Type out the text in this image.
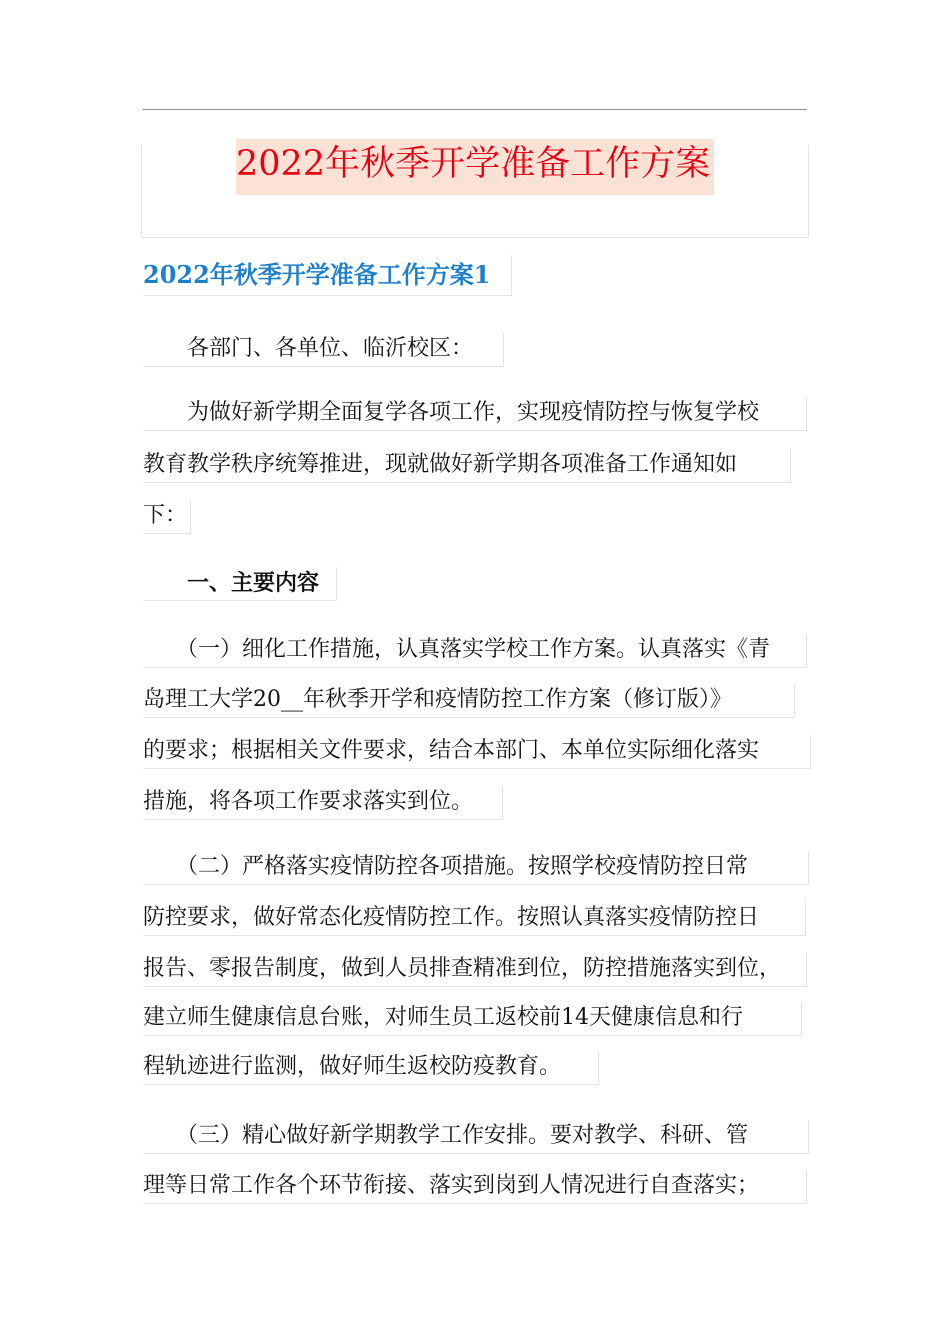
2022年秋季开学准备工作方案
2022年秋季开学准备工作方案1
　　各部门、各单位、临沂校区：
　　为做好新学期全面复学各项工作，实现疫情防控与恢复学校
教育教学秩序统筹推进，现就做好新学期各项准备工作通知如
下：
　　一、主要内容
　　（一）细化工作措施，认真落实学校工作方案。认真落实《青
岛理工大学20__年秋季开学和疫情防控工作方案（修订版）》
的要求；根据相关文件要求，结合本部门、本单位实际细化落实
措施，将各项工作要求落实到位。
　　（二）严格落实疫情防控各项措施。按照学校疫情防控日常
防控要求，做好常态化疫情防控工作。按照认真落实疫情防控日
报告、零报告制度，做到人员排查精准到位，防控措施落实到位，
建立师生健康信息台账，对师生员工返校前14天健康信息和行
程轨迹进行监测，做好师生返校防疫教育。
　　（三）精心做好新学期教学工作安排。要对教学、科研、管
理等日常工作各个环节衔接、落实到岗到人情况进行自查落实；
